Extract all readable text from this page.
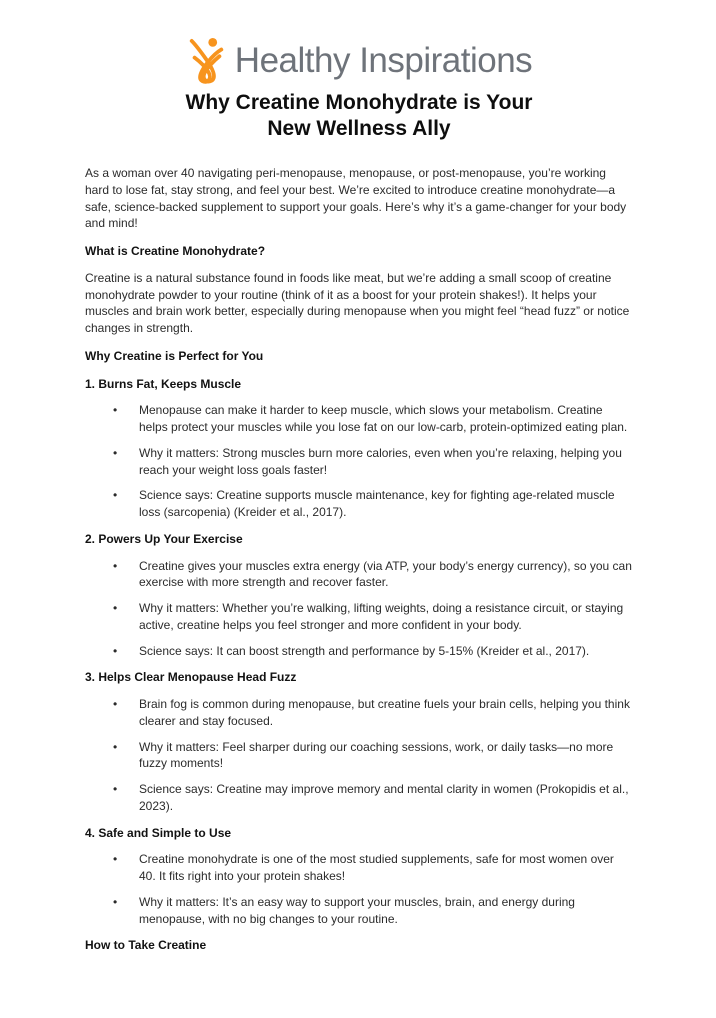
Healthy Inspirations
Why Creatine Monohydrate is Your
New Wellness Ally

As a woman over 40 navigating peri-menopause, menopause, or post-menopause, you’re working hard to lose fat, stay strong, and feel your best. We’re excited to introduce creatine monohydrate—a safe, science-backed supplement to support your goals. Here’s why it’s a game-changer for your body and mind!

What is Creatine Monohydrate?

Creatine is a natural substance found in foods like meat, but we’re adding a small scoop of creatine monohydrate powder to your routine (think of it as a boost for your protein shakes!). It helps your muscles and brain work better, especially during menopause when you might feel “head fuzz” or notice changes in strength.

Why Creatine is Perfect for You
1. Burns Fat, Keeps Muscle
• Menopause can make it harder to keep muscle, which slows your metabolism. Creatine helps protect your muscles while you lose fat on our low-carb, protein-optimized eating plan.
• Why it matters: Strong muscles burn more calories, even when you’re relaxing, helping you reach your weight loss goals faster!
• Science says: Creatine supports muscle maintenance, key for fighting age-related muscle loss (sarcopenia) (Kreider et al., 2017).
2. Powers Up Your Exercise
• Creatine gives your muscles extra energy (via ATP, your body’s energy currency), so you can exercise with more strength and recover faster.
• Why it matters: Whether you’re walking, lifting weights, doing a resistance circuit, or staying active, creatine helps you feel stronger and more confident in your body.
• Science says: It can boost strength and performance by 5-15% (Kreider et al., 2017).
3. Helps Clear Menopause Head Fuzz
• Brain fog is common during menopause, but creatine fuels your brain cells, helping you think clearer and stay focused.
• Why it matters: Feel sharper during our coaching sessions, work, or daily tasks—no more fuzzy moments!
• Science says: Creatine may improve memory and mental clarity in women (Prokopidis et al., 2023).
4. Safe and Simple to Use
• Creatine monohydrate is one of the most studied supplements, safe for most women over 40. It fits right into your protein shakes!
• Why it matters: It’s an easy way to support your muscles, brain, and energy during menopause, with no big changes to your routine.
How to Take Creatine
